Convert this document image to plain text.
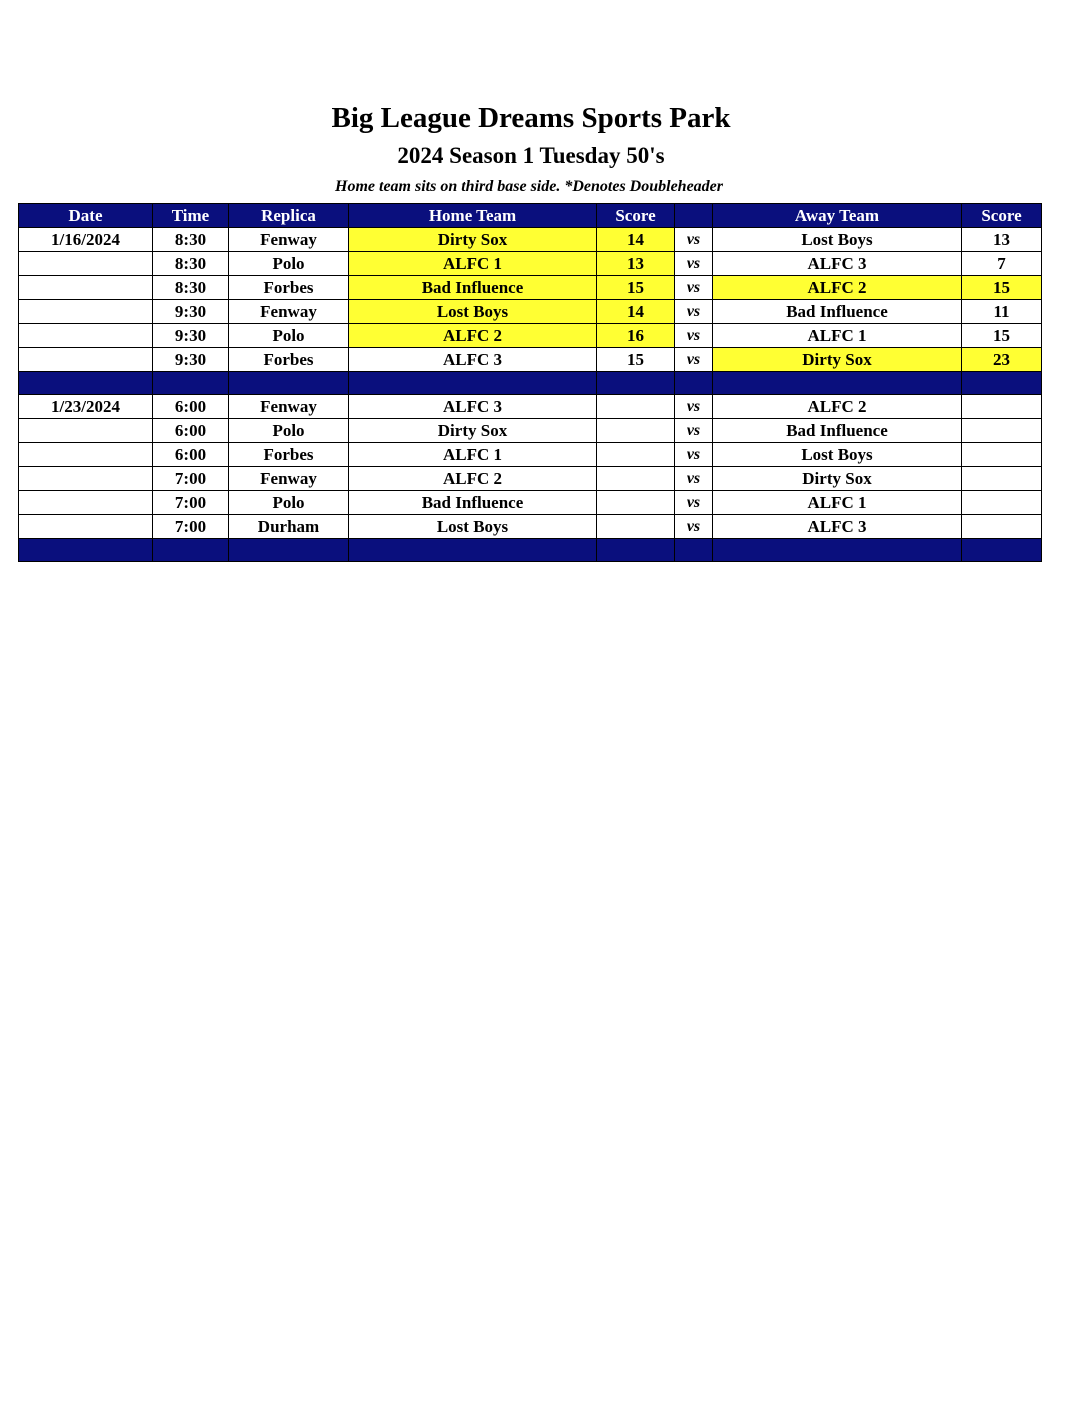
Big League Dreams Sports Park
2024 Season 1 Tuesday 50's
Home team sits on third base side. *Denotes Doubleheader
Date	Time	Replica	Home Team	Score		Away Team	Score
1/16/2024	8:30	Fenway	Dirty Sox	14	vs	Lost Boys	13
	8:30	Polo	ALFC 1	13	vs	ALFC 3	7
	8:30	Forbes	Bad Influence	15	vs	ALFC 2	15
	9:30	Fenway	Lost Boys	14	vs	Bad Influence	11
	9:30	Polo	ALFC 2	16	vs	ALFC 1	15
	9:30	Forbes	ALFC 3	15	vs	Dirty Sox	23

1/23/2024	6:00	Fenway	ALFC 3		vs	ALFC 2	
	6:00	Polo	Dirty Sox		vs	Bad Influence	
	6:00	Forbes	ALFC 1		vs	Lost Boys	
	7:00	Fenway	ALFC 2		vs	Dirty Sox	
	7:00	Polo	Bad Influence		vs	ALFC 1	
	7:00	Durham	Lost Boys		vs	ALFC 3	
